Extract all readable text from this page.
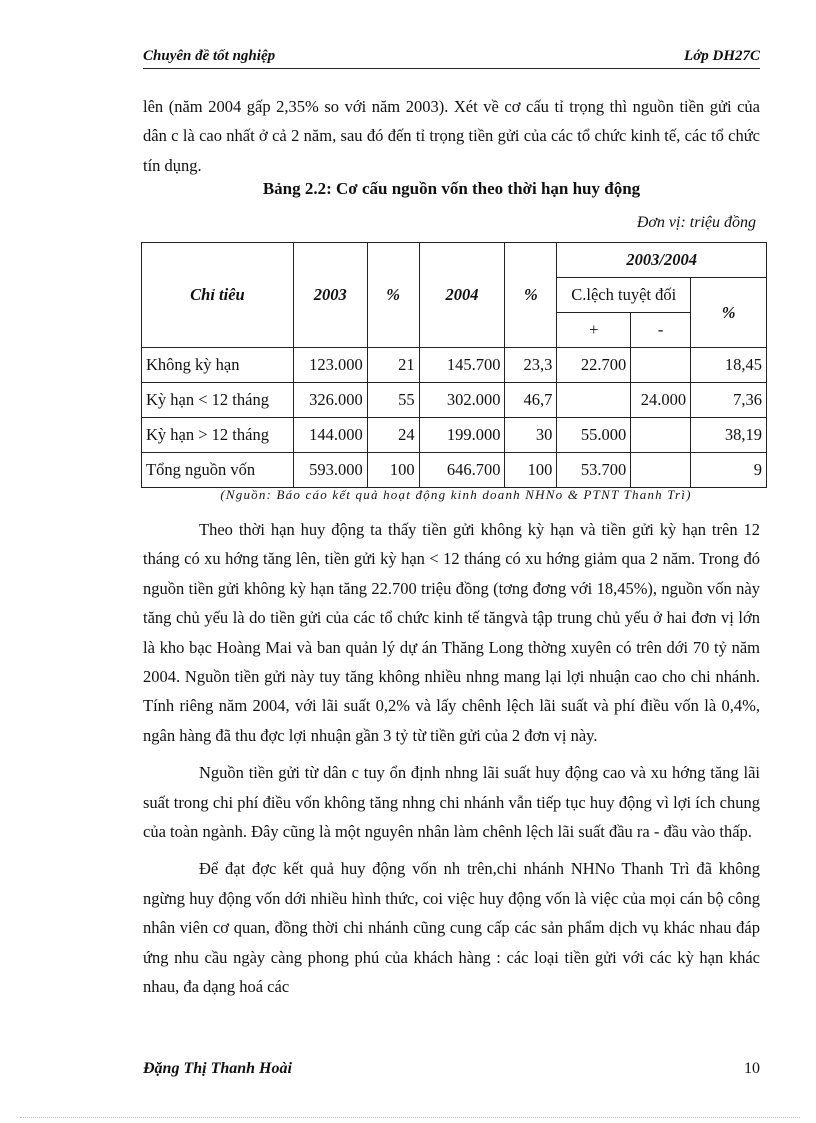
Chuyên đề tốt nghiệp	Lớp DH27C

lên (năm 2004 gấp 2,35% so với năm 2003). Xét về cơ cấu tỉ trọng thì nguồn tiền gửi của dân c là cao nhất ở cả 2 năm, sau đó đến tỉ trọng tiền gửi của các tổ chức kinh tế, các tổ chức tín dụng.

Bảng 2.2: Cơ cấu nguồn vốn theo thời hạn huy động
Đơn vị: triệu đồng
Chỉ tiêu	2003	%	2004	%	2003/2004		
					C.lệch tuyệt đối		%
					+	-	
Không kỳ hạn	123.000	21	145.700	23,3	22.700		18,45
Kỳ hạn < 12 tháng	326.000	55	302.000	46,7		24.000	7,36
Kỳ hạn > 12 tháng	144.000	24	199.000	30	55.000		38,19
Tổng nguồn vốn	593.000	100	646.700	100	53.700		9
(Nguồn: Báo cáo kết quả hoạt động kinh doanh NHNo & PTNT Thanh Trì)

Theo thời hạn huy động ta thấy tiền gửi không kỳ hạn và tiền gửi kỳ hạn trên 12 tháng có xu hớng tăng lên, tiền gửi kỳ hạn < 12 tháng có xu hớng giảm qua 2 năm. Trong đó nguồn tiền gửi không kỳ hạn tăng 22.700 triệu đồng (tơng đơng với 18,45%), nguồn vốn này tăng chủ yếu là do tiền gửi của các tổ chức kinh tế tăngvà tập trung chủ yếu ở hai đơn vị lớn là kho bạc Hoàng Mai và ban quản lý dự án Thăng Long thờng xuyên có trên dới 70 tỷ năm 2004. Nguồn tiền gửi này tuy tăng không nhiều nhng mang lại lợi nhuận cao cho chi nhánh. Tính riêng năm 2004, với lãi suất 0,2% và lấy chênh lệch lãi suất và phí điều vốn là 0,4%, ngân hàng đã thu đợc lợi nhuận gần 3 tỷ từ tiền gửi của 2 đơn vị này.

Nguồn tiền gửi từ dân c tuy ổn định nhng lãi suất huy động cao và xu hớng tăng lãi suất trong chi phí điều vốn không tăng nhng chi nhánh vẫn tiếp tục huy động vì lợi ích chung của toàn ngành. Đây cũng là một nguyên nhân làm chênh lệch lãi suất đầu ra - đầu vào thấp.

Để đạt đợc kết quả huy động vốn nh trên,chi nhánh NHNo Thanh Trì đã không ngừng huy động vốn dới nhiều hình thức, coi việc huy động vốn là việc của mọi cán bộ công nhân viên cơ quan, đồng thời chi nhánh cũng cung cấp các sản phẩm dịch vụ khác nhau đáp ứng nhu cầu ngày càng phong phú của khách hàng : các loại tiền gửi với các kỳ hạn khác nhau, đa dạng hoá các

Đặng Thị Thanh Hoài	10
